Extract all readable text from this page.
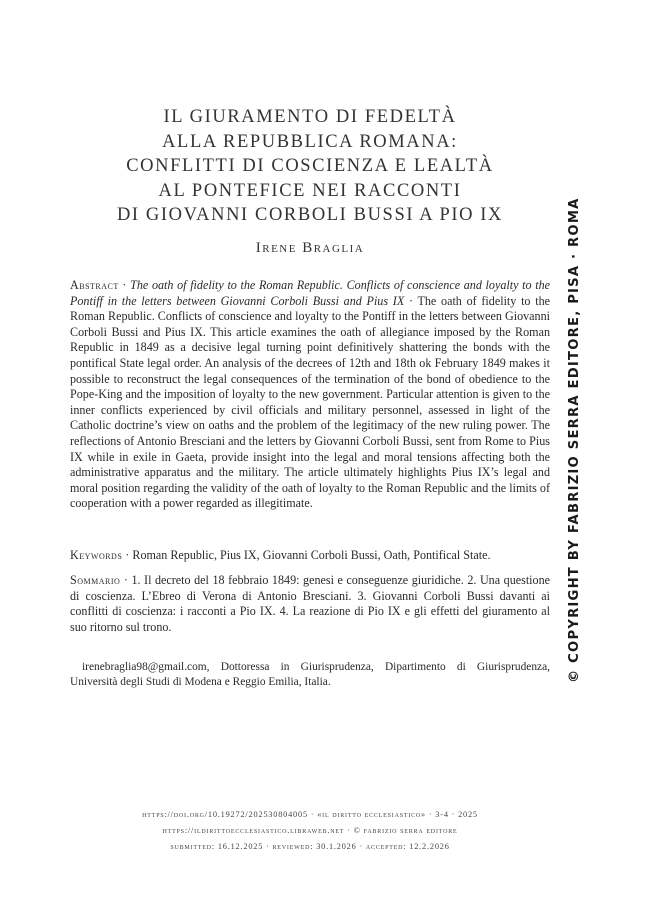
IL GIURAMENTO DI FEDELTÀ
ALLA REPUBBLICA ROMANA:
CONFLITTI DI COSCIENZA E LEALTÀ
AL PONTEFICE NEI RACCONTI
DI GIOVANNI CORBOLI BUSSI A PIO IX
Irene Braglia
Abstract · The oath of fidelity to the Roman Republic. Conflicts of conscience and loyalty to the Pontiff in the letters between Giovanni Corboli Bussi and Pius IX · The oath of fidelity to the Roman Republic. Conflicts of conscience and loyalty to the Pontiff in the letters between Giovanni Corboli Bussi and Pius IX. This article examines the oath of allegiance imposed by the Roman Republic in 1849 as a decisive legal turning point definitively shattering the bonds with the pontifical State legal order. An analysis of the decrees of 12th and 18th ok February 1849 makes it possible to reconstruct the legal consequences of the termination of the bond of obedience to the Pope-King and the imposition of loyalty to the new government. Particular attention is given to the inner conflicts experienced by civil officials and military personnel, assessed in light of the Catholic doctrine’s view on oaths and the problem of the legitimacy of the new ruling power. The reflections of Antonio Bresciani and the letters by Giovanni Corboli Bussi, sent from Rome to Pius IX while in exile in Gaeta, provide insight into the legal and moral tensions affecting both the administrative apparatus and the military. The article ultimately highlights Pius IX’s legal and moral position regarding the validity of the oath of loyalty to the Roman Republic and the limits of cooperation with a power regarded as illegitimate.
Keywords · Roman Republic, Pius IX, Giovanni Corboli Bussi, Oath, Pontifical State.
Sommario · 1. Il decreto del 18 febbraio 1849: genesi e conseguenze giuridiche. 2. Una questione di coscienza. L’Ebreo di Verona di Antonio Bresciani. 3. Giovanni Corboli Bussi davanti ai conflitti di coscienza: i racconti a Pio IX. 4. La reazione di Pio IX e gli effetti del giuramento al suo ritorno sul trono.
irenebraglia98@gmail.com, Dottoressa in Giurisprudenza, Dipartimento di Giurisprudenza, Università degli Studi di Modena e Reggio Emilia, Italia.
https://doi.org/10.19272/202530804005 · «il diritto ecclesiastico» · 3-4 · 2025
https://ildirittoecclesiastico.libraweb.net · © fabrizio serra editore
submitted: 16.12.2025 · reviewed: 30.1.2026 · accepted: 12.2.2026
© COPYRIGHT BY FABRIZIO SERRA EDITORE, PISA · ROMA
